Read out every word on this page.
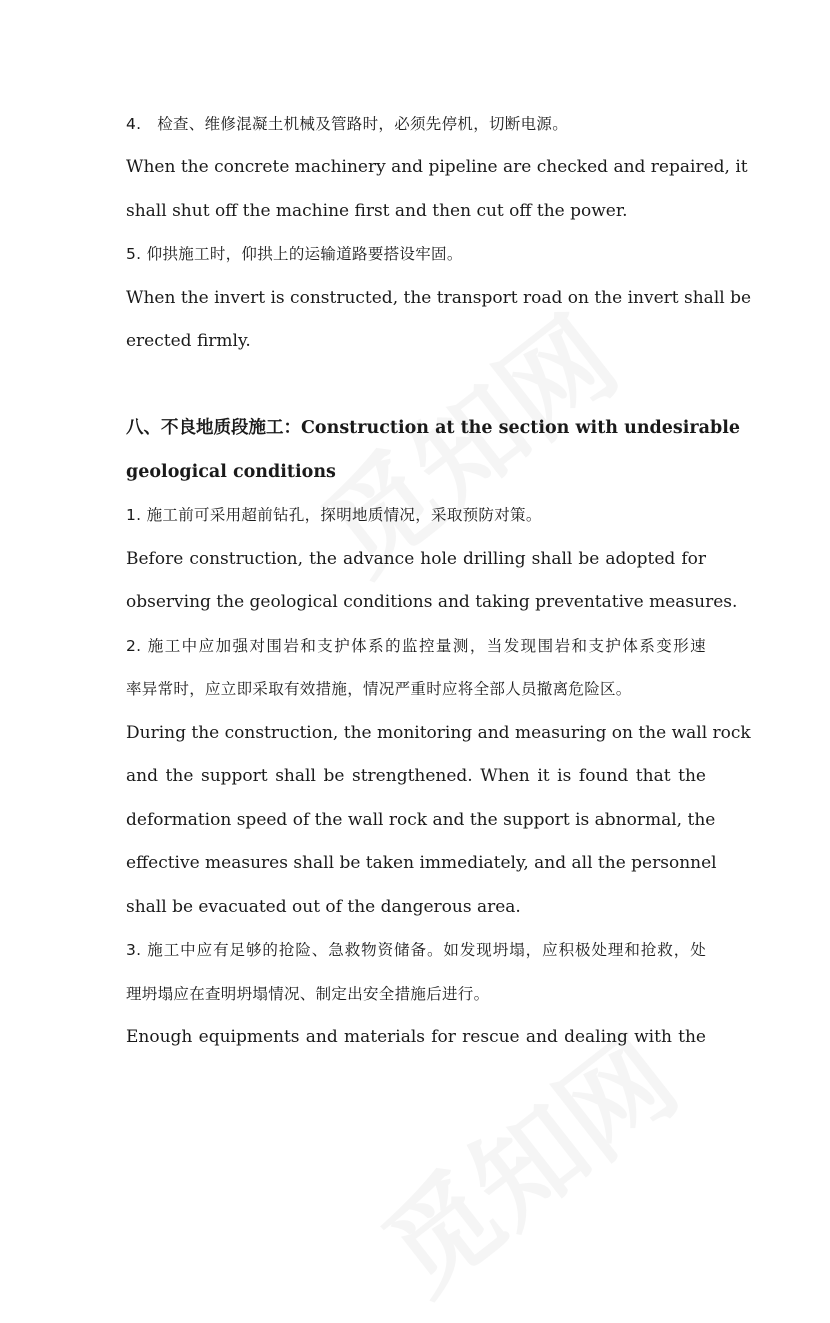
4.　检查、维修混凝土机械及管路时，必须先停机，切断电源。
When the concrete machinery and pipeline are checked and repaired, it
shall shut off the machine first and then cut off the power.
5. 仰拱施工时，仰拱上的运输道路要搭设牢固。
When the invert is constructed, the transport road on the invert shall be
erected firmly.
八、不良地质段施工：Construction at the section with undesirable
geological conditions
1. 施工前可采用超前钻孔，探明地质情况，采取预防对策。
Before construction, the advance hole drilling shall be adopted for
observing the geological conditions and taking preventative measures.
2. 施工中应加强对围岩和支护体系的监控量测，当发现围岩和支护体系变形速
率异常时，应立即采取有效措施，情况严重时应将全部人员撤离危险区。
During the construction, the monitoring and measuring on the wall rock
and the support shall be strengthened. When it is found that the
deformation speed of the wall rock and the support is abnormal, the
effective measures shall be taken immediately, and all the personnel
shall be evacuated out of the dangerous area.
3. 施工中应有足够的抢险、急救物资储备。如发现坍塌，应积极处理和抢救，处
理坍塌应在查明坍塌情况、制定出安全措施后进行。
Enough equipments and materials for rescue and dealing with the
